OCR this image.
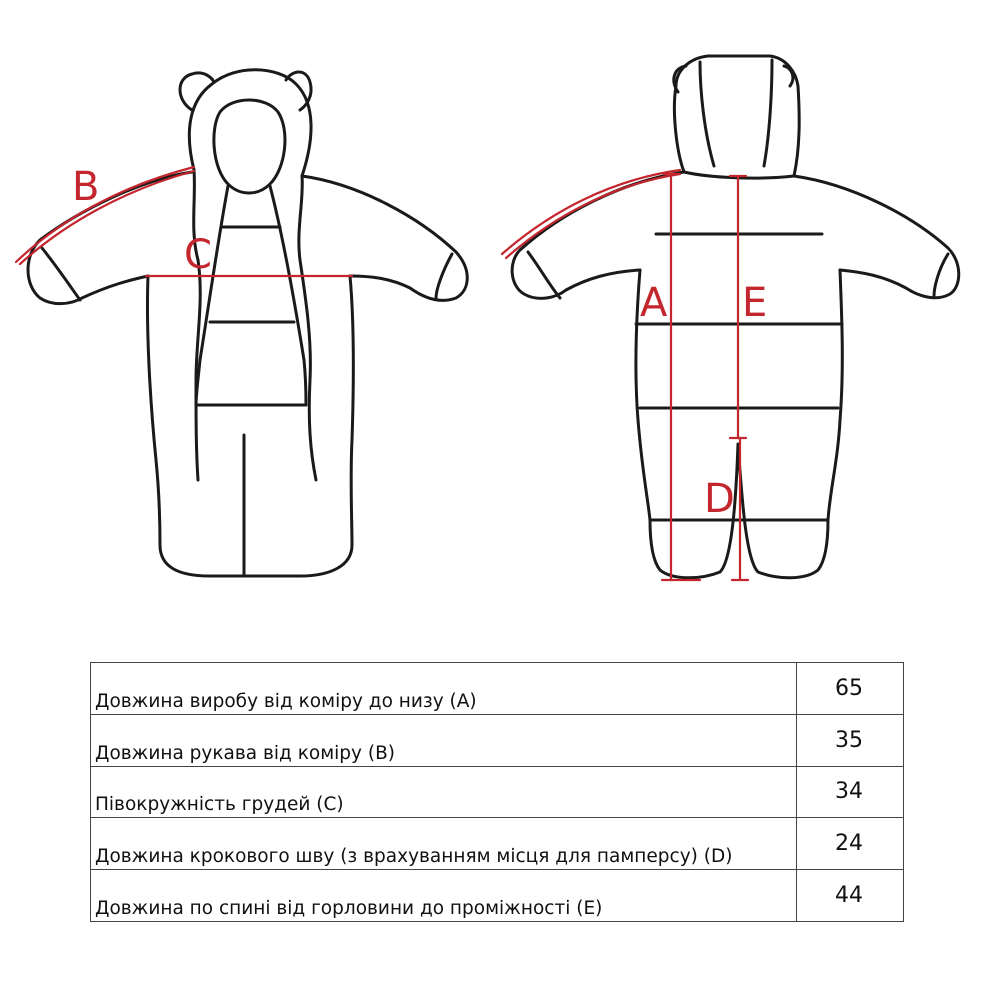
B
C
A E
D
Довжина виробу від коміру до низу (A)	65
Довжина рукава від коміру (B)	35
Півокружність грудей (C)	34
Довжина крокового шву (з врахуванням місця для памперсу) (D)	24
Довжина по спині від горловини до проміжності (E)	44
